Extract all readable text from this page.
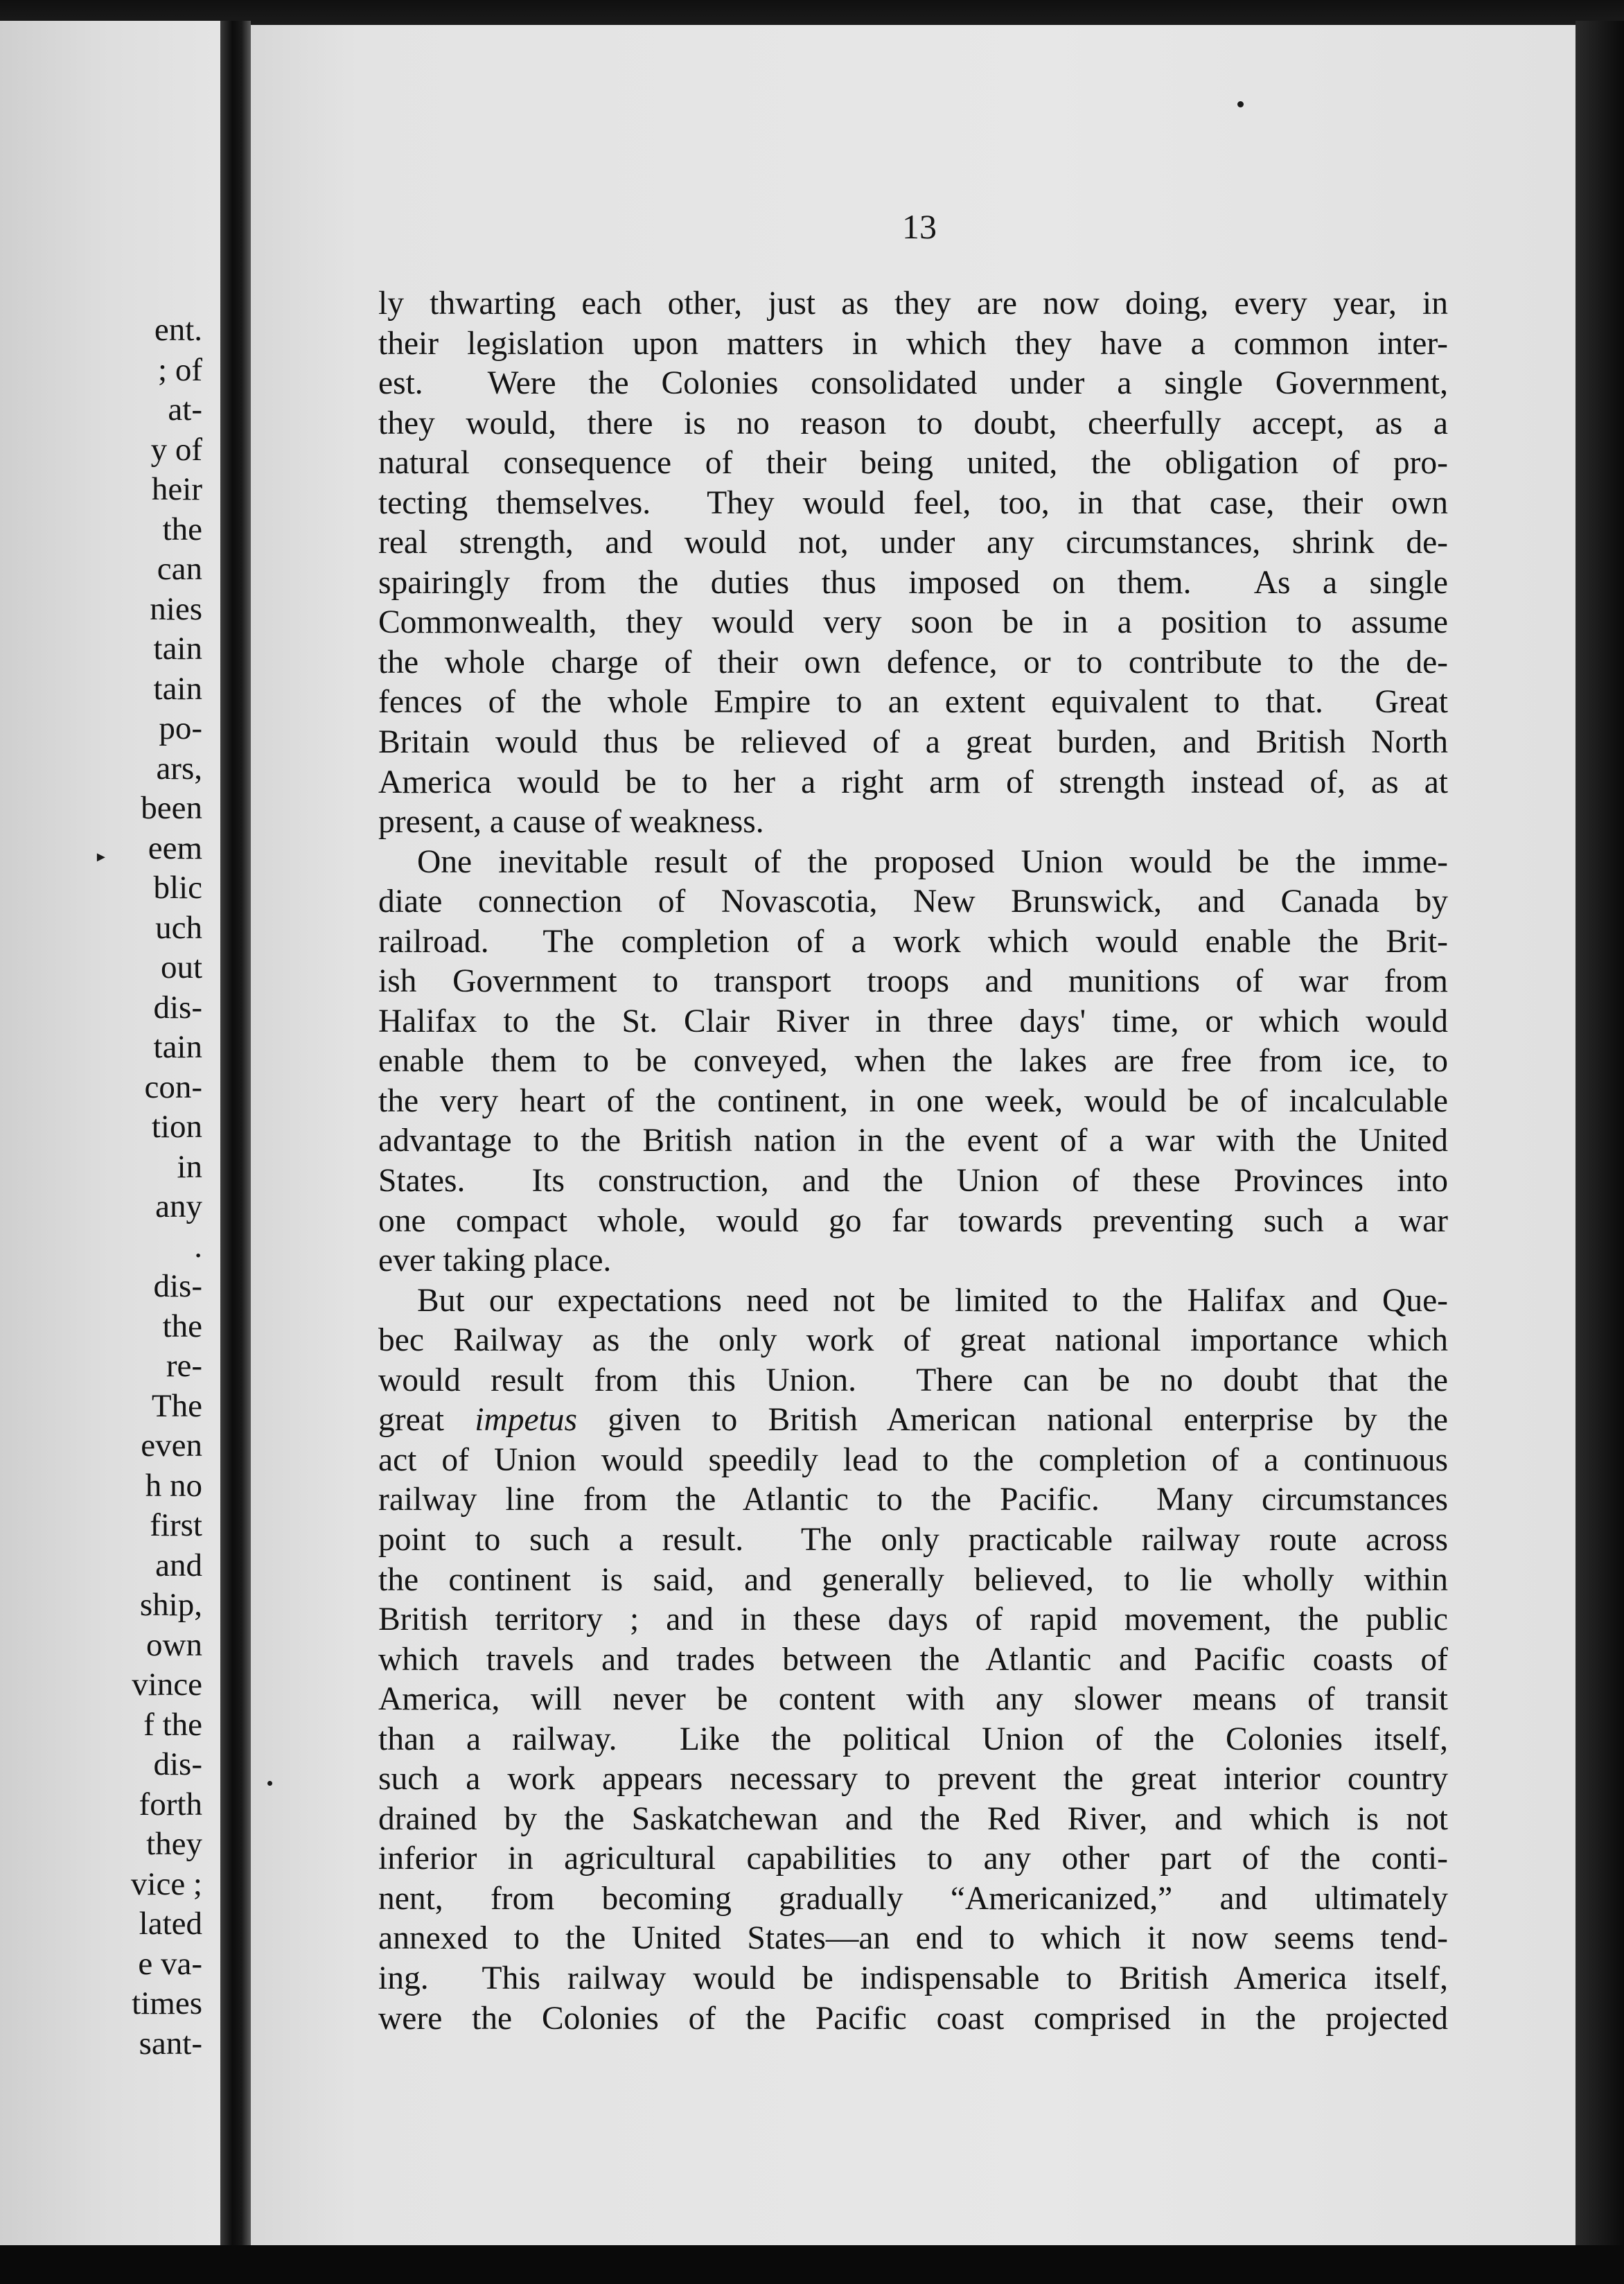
ent.
; of
at-
y of
heir
the
can
nies
tain
tain
po-
ars,
been
eem
blic
uch
out
dis-
tain
con-
tion
in
any
.
dis-
the
re-
The
even
h no
first
and
ship,
own
vince
f the
dis-
forth
they
vice ;
lated
e va-
times
sant-
►
13
ly thwarting each other, just as they are now doing, every year, in
their legislation upon matters in which they have a common inter-
est.  Were the Colonies consolidated under a single Government,
they would, there is no reason to doubt, cheerfully accept, as a
natural consequence of their being united, the obligation of pro-
tecting themselves.  They would feel, too, in that case, their own
real strength, and would not, under any circumstances, shrink de-
spairingly from the duties thus imposed on them.  As a single
Commonwealth, they would very soon be in a position to assume
the whole charge of their own defence, or to contribute to the de-
fences of the whole Empire to an extent equivalent to that.  Great
Britain would thus be relieved of a great burden, and British North
America would be to her a right arm of strength instead of, as at
present, a cause of weakness.
One inevitable result of the proposed Union would be the imme-
diate connection of Novascotia, New Brunswick, and Canada by
railroad.  The completion of a work which would enable the Brit-
ish Government to transport troops and munitions of war from
Halifax to the St. Clair River in three days' time, or which would
enable them to be conveyed, when the lakes are free from ice, to
the very heart of the continent, in one week, would be of incalculable
advantage to the British nation in the event of a war with the United
States.  Its construction, and the Union of these Provinces into
one compact whole, would go far towards preventing such a war
ever taking place.
But our expectations need not be limited to the Halifax and Que-
bec Railway as the only work of great national importance which
would result from this Union.  There can be no doubt that the
great impetus given to British American national enterprise by the
act of Union would speedily lead to the completion of a continuous
railway line from the Atlantic to the Pacific.  Many circumstances
point to such a result.  The only practicable railway route across
the continent is said, and generally believed, to lie wholly within
British territory ; and in these days of rapid movement, the public
which travels and trades between the Atlantic and Pacific coasts of
America, will never be content with any slower means of transit
than a railway.  Like the political Union of the Colonies itself,
such a work appears necessary to prevent the great interior country
drained by the Saskatchewan and the Red River, and which is not
inferior in agricultural capabilities to any other part of the conti-
nent, from becoming gradually “Americanized,” and ultimately
annexed to the United States—an end to which it now seems tend-
ing.  This railway would be indispensable to British America itself,
were the Colonies of the Pacific coast comprised in the projected
